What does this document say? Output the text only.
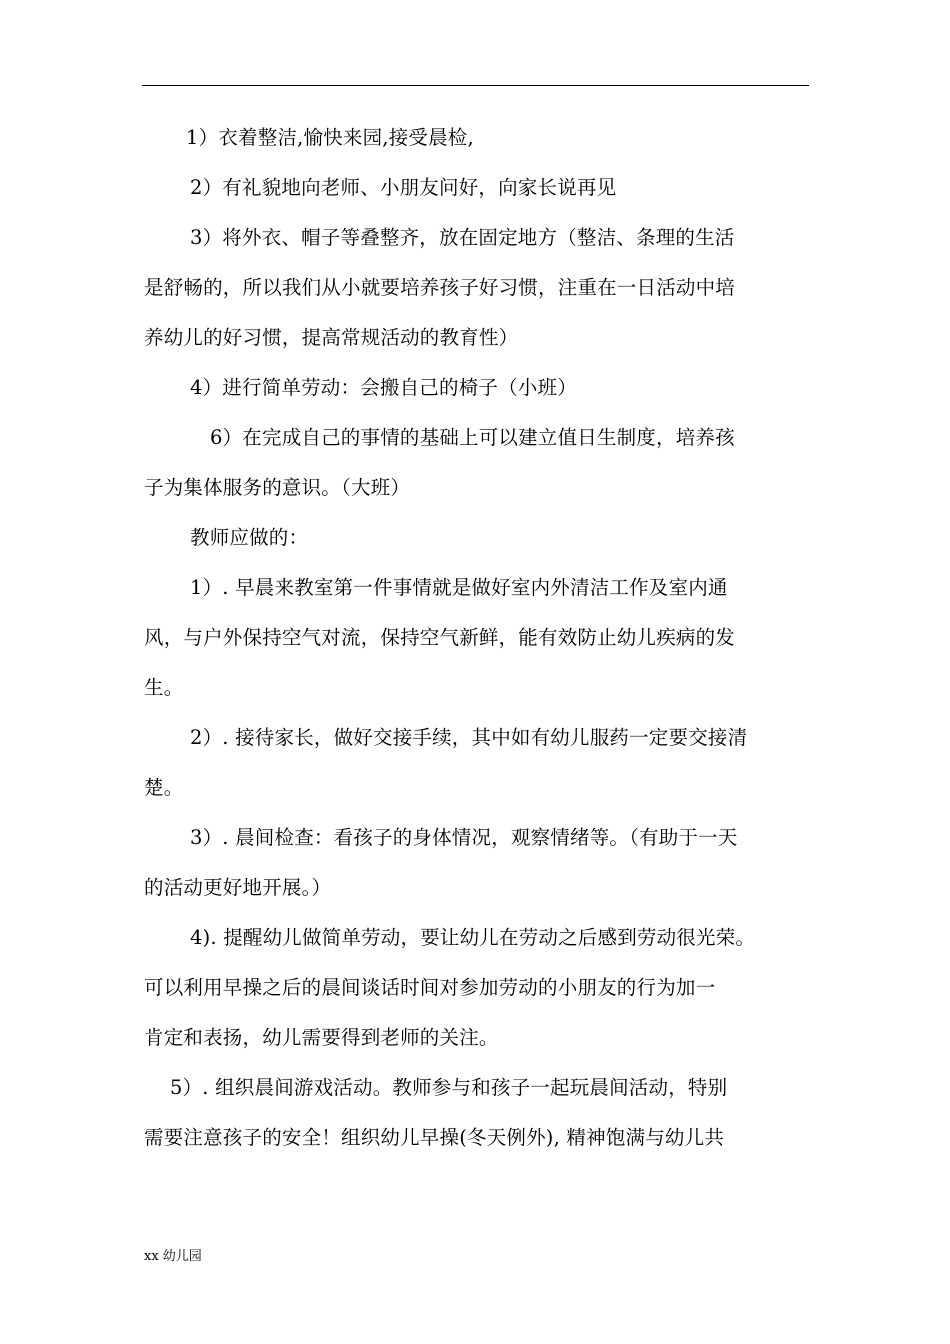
1）衣着整洁,愉快来园,接受晨检,
2）有礼貌地向老师、小朋友问好，向家长说再见
3）将外衣、帽子等叠整齐，放在固定地方（整洁、条理的生活
是舒畅的，所以我们从小就要培养孩子好习惯，注重在一日活动中培
养幼儿的好习惯，提高常规活动的教育性）
4）进行简单劳动：会搬自己的椅子（小班）
6）在完成自己的事情的基础上可以建立值日生制度，培养孩
子为集体服务的意识。（大班）
教师应做的：
1）. 早晨来教室第一件事情就是做好室内外清洁工作及室内通
风，与户外保持空气对流，保持空气新鲜，能有效防止幼儿疾病的发
生。
2）. 接待家长，做好交接手续，其中如有幼儿服药一定要交接清
楚。
3）. 晨间检查：看孩子的身体情况，观察情绪等。（有助于一天
的活动更好地开展。）
4). 提醒幼儿做简单劳动，要让幼儿在劳动之后感到劳动很光荣。
可以利用早操之后的晨间谈话时间对参加劳动的小朋友的行为加一
肯定和表扬，幼儿需要得到老师的关注。
5）. 组织晨间游戏活动。教师参与和孩子一起玩晨间活动，特别
需要注意孩子的安全！组织幼儿早操(冬天例外), 精神饱满与幼儿共
xx 幼儿园
